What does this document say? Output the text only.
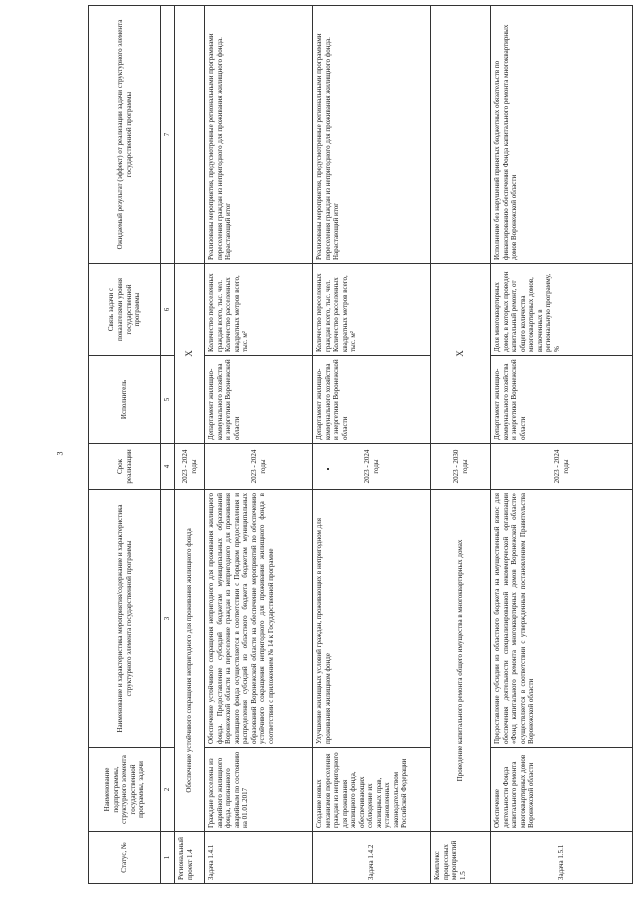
3
Статус, №	Наименование подпрограммы, структурного элемента государственной программы, задачи	Наименование и характеристика мероприятия/содержание и характеристика структурного элемента государственной программы	Срок реализации	Исполнитель	Связь задачи с показателями уровня государственной программы	Ожидаемый результат (эффект) от реализации задачи структурного элемента государственной программы
1	2	3	4	5	6	7
Региональный проект 1.4	Обеспечение устойчивого сокращения непригодного для проживания жилищного фонда		2023 - 2024 годы	X		
Задача 1.4.1	Граждане расселены из аварийного жилищного фонда, признанного аварийным по состоянию на 01.01.2017	Обеспечение устойчивого сокращения непригодного для проживания жилищного фонда. Предоставление субсидий бюджетам муниципальных образований Воронежской области на переселение граждан из непригодного для проживания жилищного фонда осуществляется в соответствии с Порядком предоставления и распределения субсидий из областного бюджета бюджетам муниципальных образований Воронежской области на обеспечение мероприятий по обеспечению устойчивого сокращения непригодного для проживания жилищного фонда в соответствии с приложением № 14 к Государственной программе	2023 - 2024 годы	Департамент жилищно-коммунального хозяйства и энергетики Воронежской области	Количество переселенных граждан всего, тыс. чел. Количество расселенных квадратных метров всего, тыс. м²	Реализованы мероприятия, предусмотренные региональными программами переселения граждан из непригодного для проживания жилищного фонда. Нарастающий итог
Задача 1.4.2	Создание новых механизмов переселения граждан из непригодного для проживания жилищного фонда, обеспечивающих соблюдение их жилищных прав, установленных законодательством Российской Федерации	Улучшение жилищных условий граждан, проживающих в непригодном для проживания жилищном фонде	2023 - 2024 годы	Департамент жилищно-коммунального хозяйства и энергетики Воронежской области	Количество переселенных граждан всего, тыс. чел. Количество расселенных квадратных метров всего, тыс. м²	Реализованы мероприятия, предусмотренные региональными программами переселения граждан из непригодного для проживания жилищного фонда. Нарастающий итог
Комплекс процессных мероприятий 1.5	Проведение капитального ремонта общего имущества в многоквартирных домах		2023 - 2030 годы	X		
Задача 1.5.1	Обеспечение деятельности Фонда капитального ремонта многоквартирных домов Воронежской области	Предоставление субсидии из областного бюджета на имущественный взнос для обеспечения деятельности специализированной некоммерческой организации «Фонд капитального ремонта многоквартирных домов Воронежской области» осуществляется в соответствии с утвержденным постановлением Правительства Воронежской области	2023 - 2024 годы	Департамент жилищно-коммунального хозяйства и энергетики Воронежской области	Доля многоквартирных домов, в которых проведен капитальный ремонт, от общего количества многоквартирных домов, включенных в региональную программу, %	Исполнение без нарушений принятых бюджетных обязательств по финансированию обеспечения Фонда капитального ремонта многоквартирных домов Воронежской области
